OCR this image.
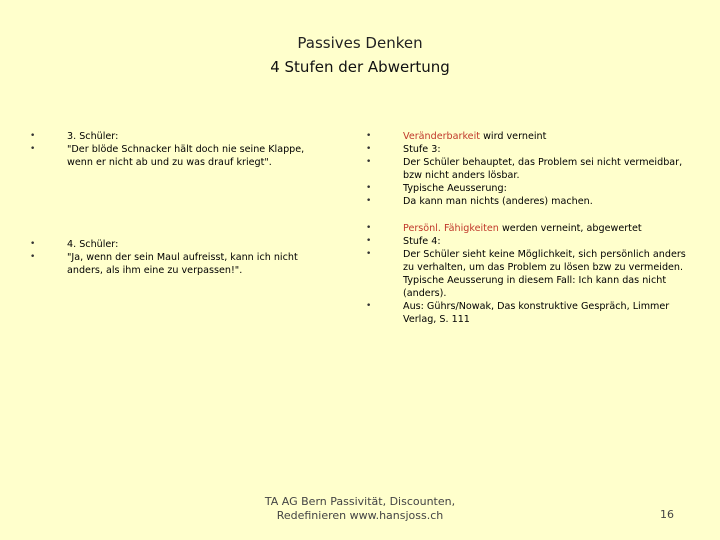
Passives Denken
4 Stufen der Abwertung
•	3. Schüler:
•	"Der blöde Schnacker hält doch nie seine Klappe, wenn er nicht ab und zu was drauf kriegt".
•	4. Schüler:
•	"Ja, wenn der sein Maul aufreisst, kann ich nicht anders, als ihm eine zu verpassen!".
•	Veränderbarkeit wird verneint
•	Stufe 3:
•	Der Schüler behauptet, das Problem sei nicht vermeidbar, bzw nicht anders lösbar.
•	Typische Aeusserung:
•	Da kann man nichts (anderes) machen.
•	Persönl. Fähigkeiten werden verneint, abgewertet
•	Stufe 4:
•	Der Schüler sieht keine Möglichkeit, sich persönlich anders zu verhalten, um das Problem zu lösen bzw zu vermeiden. Typische Aeusserung in diesem Fall: Ich kann das nicht (anders).
•	Aus: Gührs/Nowak, Das konstruktive Gespräch, Limmer Verlag, S. 111
TA AG Bern Passivität, Discounten,
Redefinieren www.hansjoss.ch	16
